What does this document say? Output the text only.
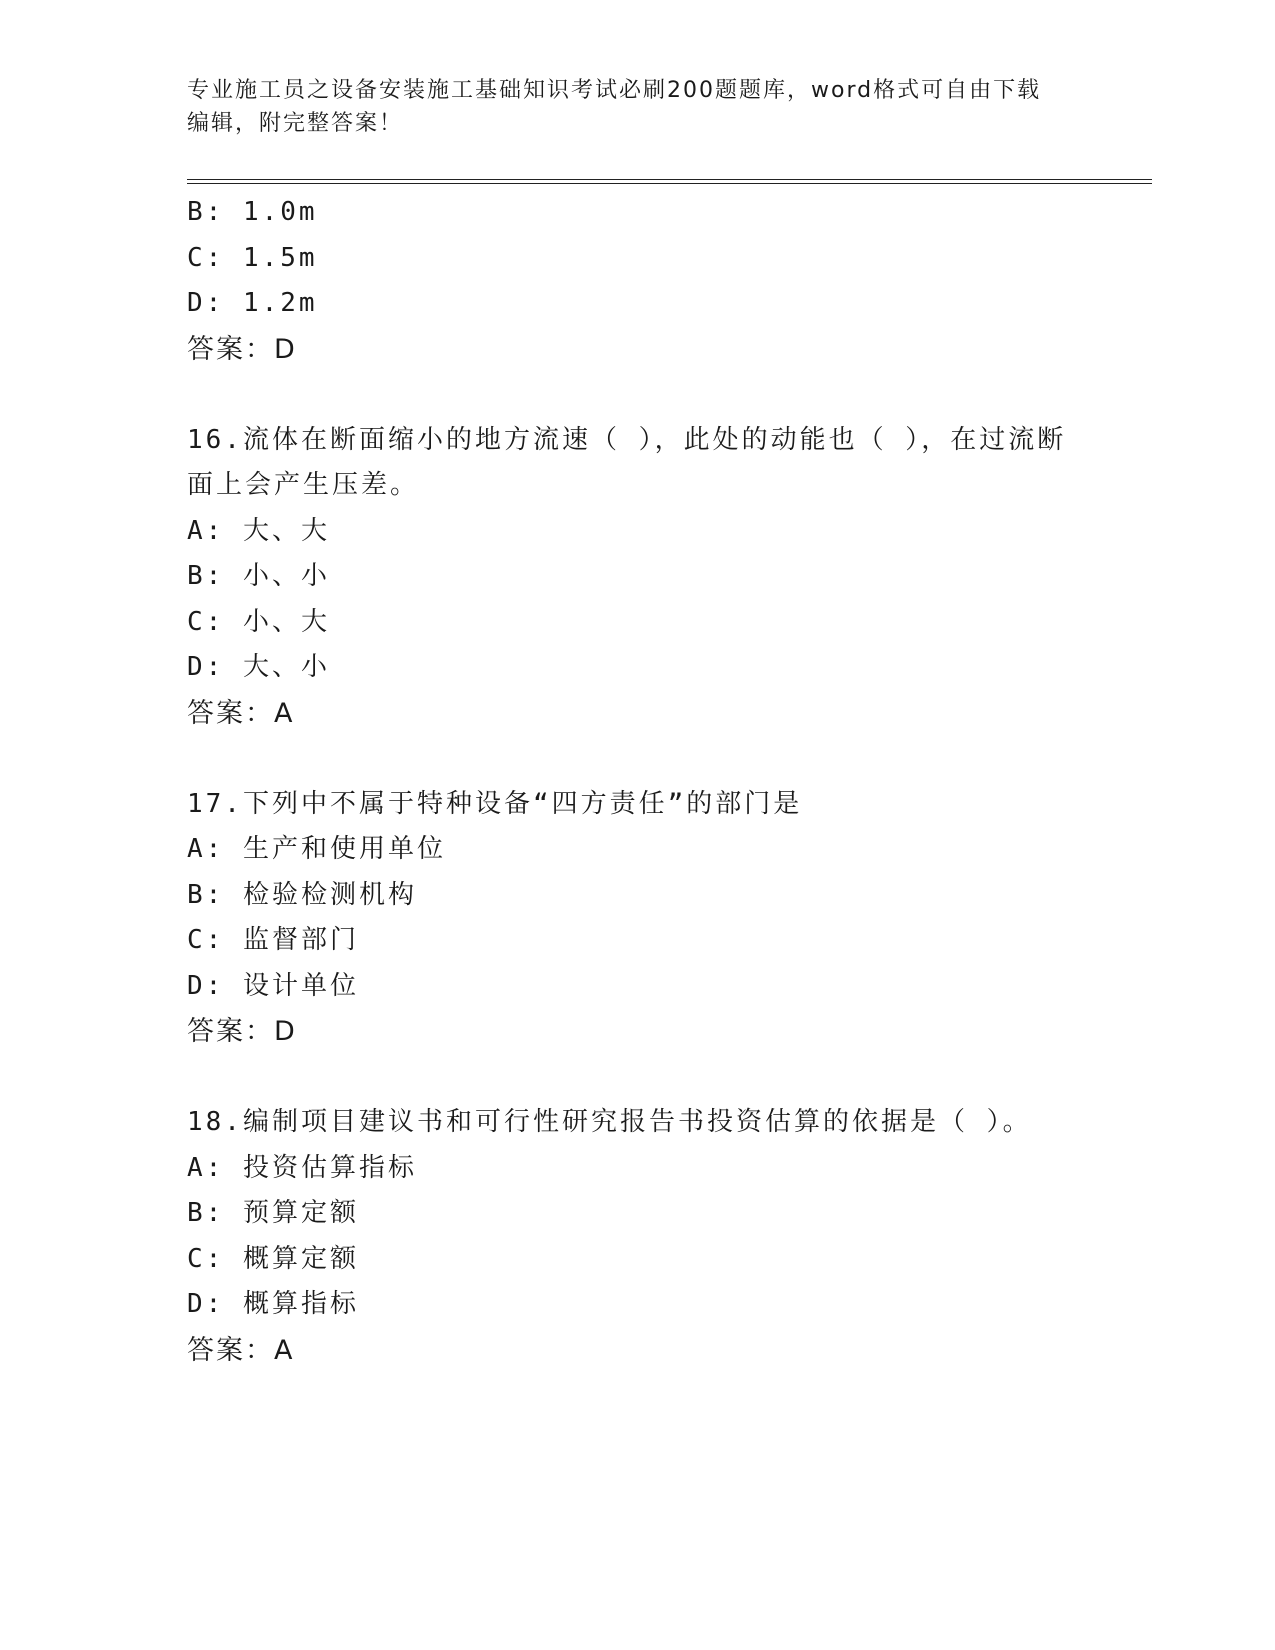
专业施工员之设备安装施工基础知识考试必刷200题题库，word格式可自由下载
编辑，附完整答案！
B: 1.0m
C: 1.5m
D: 1.2m
答案：D
16.流体在断面缩小的地方流速（ ），此处的动能也（ ），在过流断
面上会产生压差。
A: 大、大
B: 小、小
C: 小、大
D: 大、小
答案：A
17.下列中不属于特种设备“四方责任”的部门是
A: 生产和使用单位
B: 检验检测机构
C: 监督部门
D: 设计单位
答案：D
18.编制项目建议书和可行性研究报告书投资估算的依据是（ ）。
A: 投资估算指标
B: 预算定额
C: 概算定额
D: 概算指标
答案：A
